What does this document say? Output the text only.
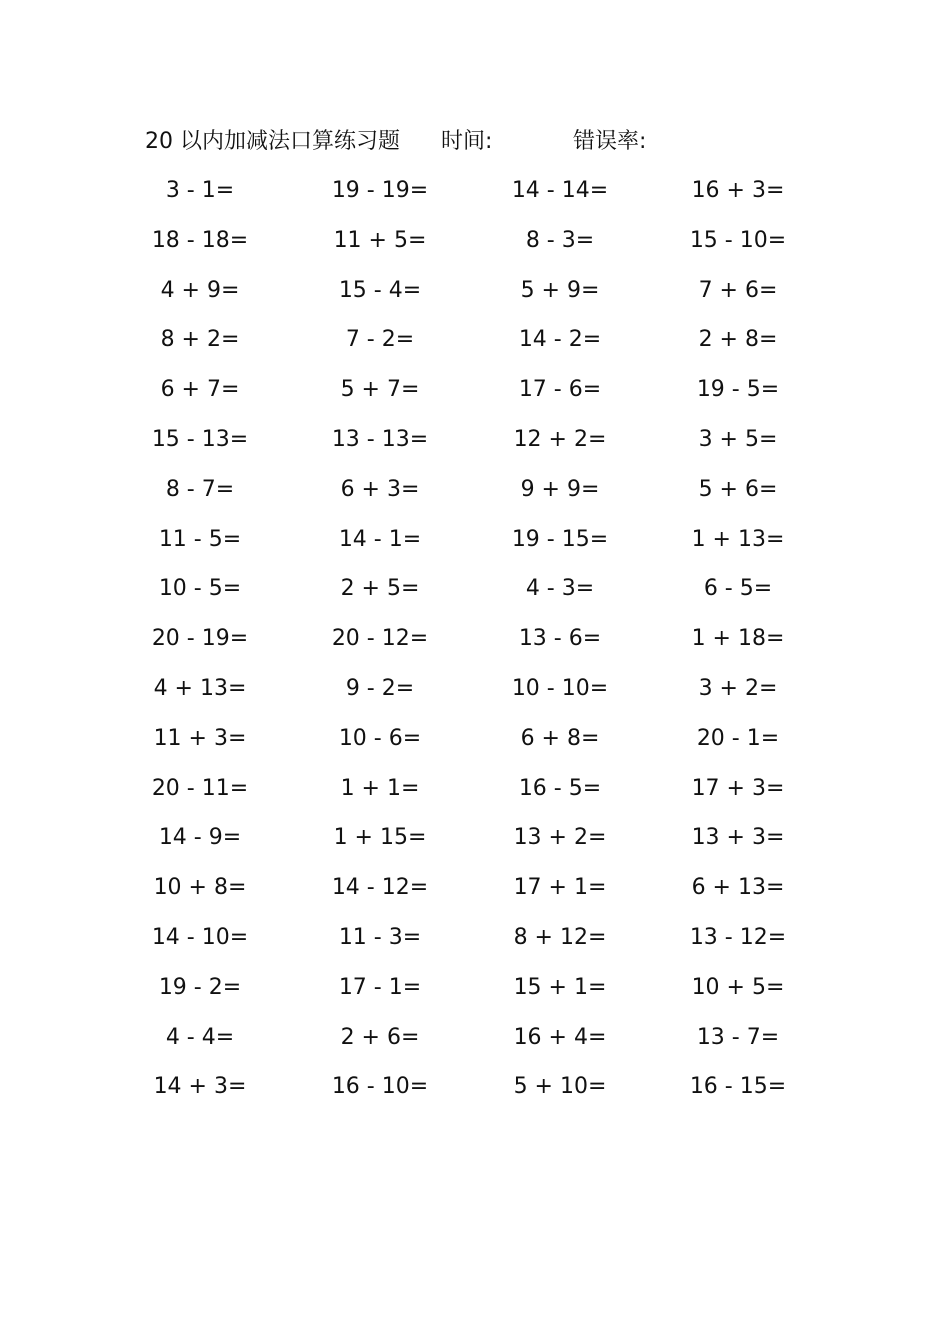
20 以内加减法口算练习题 时间:	错误率:
3 - 1=	19 - 19=	14 - 14=	16 + 3=
18 - 18=	11 + 5=	8 - 3=	15 - 10=
4 + 9=	15 - 4=	5 + 9=	7 + 6=
8 + 2=	7 - 2=	14 - 2=	2 + 8=
6 + 7=	5 + 7=	17 - 6=	19 - 5=
15 - 13=	13 - 13=	12 + 2=	3 + 5=
8 - 7=	6 + 3=	9 + 9=	5 + 6=
11 - 5=	14 - 1=	19 - 15=	1 + 13=
10 - 5=	2 + 5=	4 - 3=	6 - 5=
20 - 19=	20 - 12=	13 - 6=	1 + 18=
4 + 13=	9 - 2=	10 - 10=	3 + 2=
11 + 3=	10 - 6=	6 + 8=	20 - 1=
20 - 11=	1 + 1=	16 - 5=	17 + 3=
14 - 9=	1 + 15=	13 + 2=	13 + 3=
10 + 8=	14 - 12=	17 + 1=	6 + 13=
14 - 10=	11 - 3=	8 + 12=	13 - 12=
19 - 2=	17 - 1=	15 + 1=	10 + 5=
4 - 4=	2 + 6=	16 + 4=	13 - 7=
14 + 3=	16 - 10=	5 + 10=	16 - 15=
